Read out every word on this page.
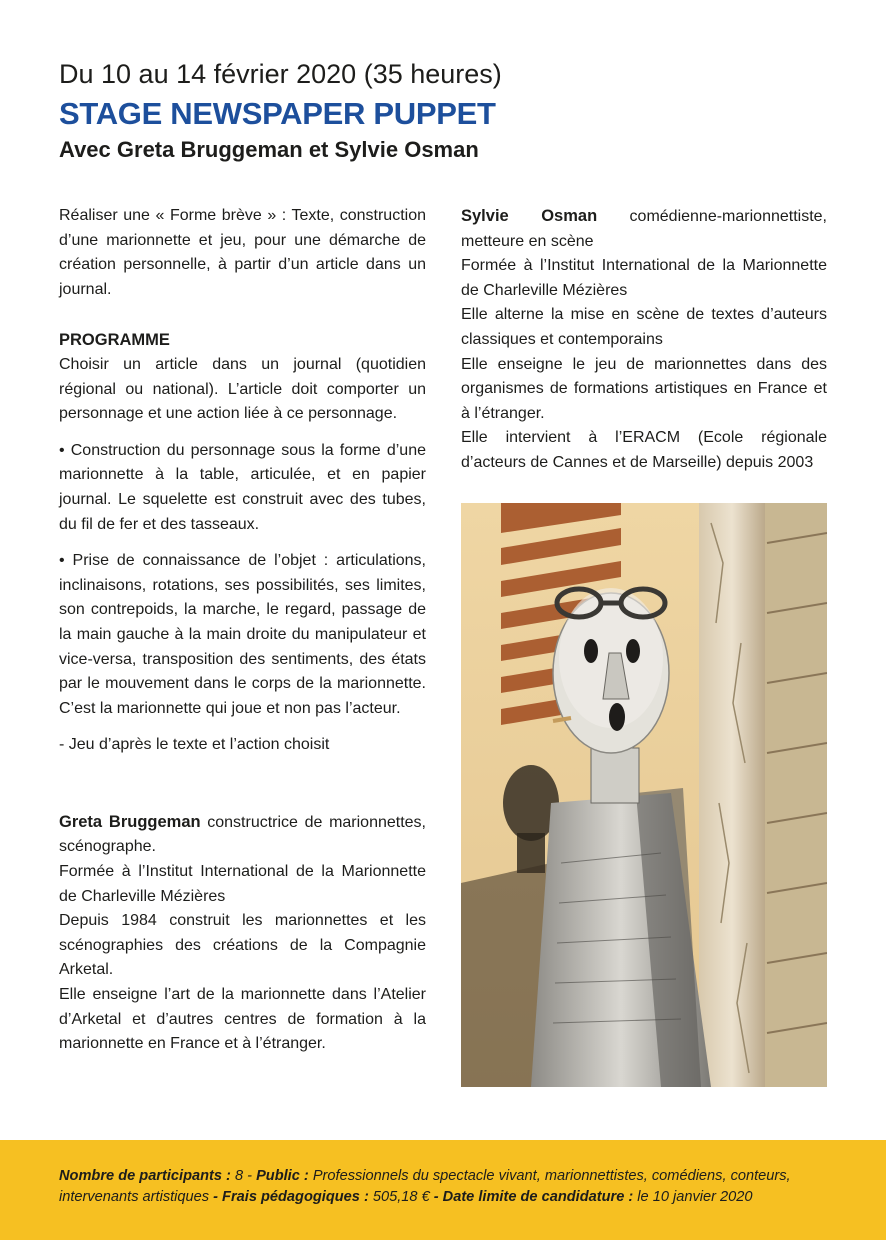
Du 10 au 14 février 2020 (35 heures)
STAGE NEWSPAPER PUPPET
Avec Greta Bruggeman et Sylvie Osman

Réaliser une « Forme brève » : Texte, construction d’une marionnette et jeu, pour une démarche de création personnelle, à partir d’un article dans un journal.

PROGRAMME

Choisir un article dans un journal (quotidien régional ou national). L’article doit comporter un personnage et une action liée à ce personnage.

• Construction du personnage sous la forme d’une marionnette à la table, articulée, et en papier journal. Le squelette est construit avec des tubes, du fil de fer et des tasseaux.

• Prise de connaissance de l’objet : articulations, inclinaisons, rotations, ses possibilités, ses limites, son contrepoids, la marche, le regard, passage de la main gauche à la main droite du manipulateur et vice-versa, transposition des sentiments, des états par le mouvement dans le corps de la marionnette. C’est la marionnette qui joue et non pas l’acteur.

- Jeu d’après le texte et l’action choisit

Greta Bruggeman constructrice de marionnettes, scénographe.

Formée à l’Institut International de la Marionnette de Charleville Mézières

Depuis 1984 construit les marionnettes et les scénographies des créations de la Compagnie Arketal.

Elle enseigne l’art de la marionnette dans l’Atelier d’Arketal et d’autres centres de formation à la marionnette en France et à l’étranger.

Sylvie Osman comédienne-marionnettiste, metteure en scène

Formée à l’Institut International de la Marionnette de Charleville Mézières

Elle alterne la mise en scène de textes d’auteurs classiques et contemporains

Elle enseigne le jeu de marionnettes dans des organismes de formations artistiques en France et à l’étranger.

Elle intervient à l’ERACM (Ecole régionale d’acteurs de Cannes et de Marseille) depuis 2003

Nombre de participants : 8 - Public : Professionnels du spectacle vivant, marionnettistes, comédiens, conteurs, intervenants artistiques - Frais pédagogiques : 505,18 € - Date limite de candidature : le 10 janvier 2020
